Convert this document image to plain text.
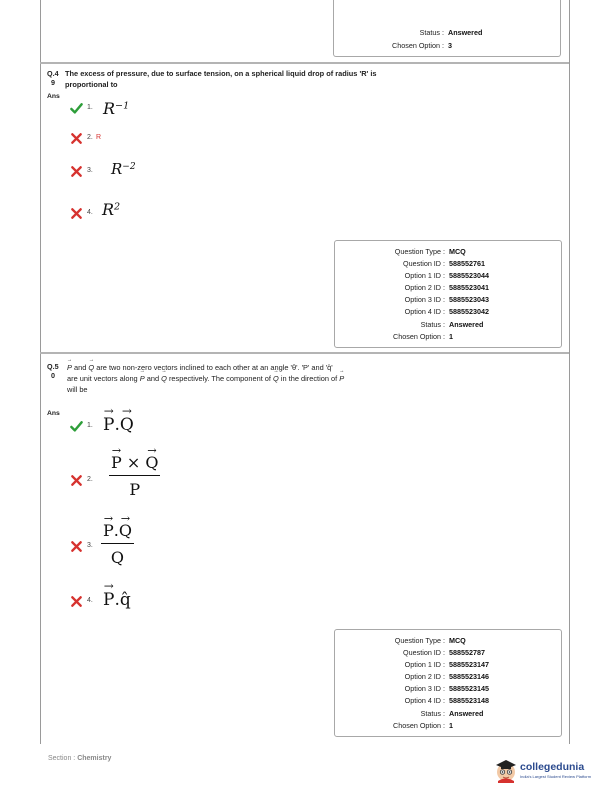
Status : Answered
Chosen Option : 3
Q.4
9
The excess of pressure, due to surface tension, on a spherical liquid drop of radius 'R' is
proportional to
Ans
1. $R^{-1}$
2. R
3. $R^{-2}$
4. $R^2$
Question Type : MCQ
Question ID : 588552761
Option 1 ID : 5885523044
Option 2 ID : 5885523041
Option 3 ID : 5885523043
Option 4 ID : 5885523042
Status : Answered
Chosen Option : 1
Q.5
0
→ P and → Q are two non-zero vectors inclined to each other at an angle 'θ'. 'P' and 'q̂'
are unit vectors along → P and → Q respectively. The component of → Q in the direction of → P
will be
Ans
1. → P.→ Q
2. → $\frac{P \times \to Q}{P}$
3. → $\frac{P.\to Q}{Q}$
4. → P.q̂
Question Type : MCQ
Question ID : 588552787
Option 1 ID : 5885523147
Option 2 ID : 5885523146
Option 3 ID : 5885523145
Option 4 ID : 5885523148
Status : Answered
Chosen Option : 1
Section : Chemistry
collegedunia
India's Largest Student Review Platform
